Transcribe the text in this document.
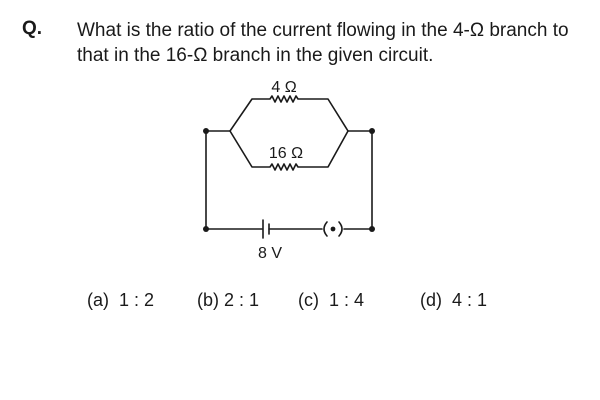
Q. What is the ratio of the current flowing in the 4-Ω branch to that in the 16-Ω branch in the given circuit.
4 Ω
16 Ω
8 V

(a) 1 : 2	(b) 2 : 1	(c) 1 : 4	(d) 4 : 1
